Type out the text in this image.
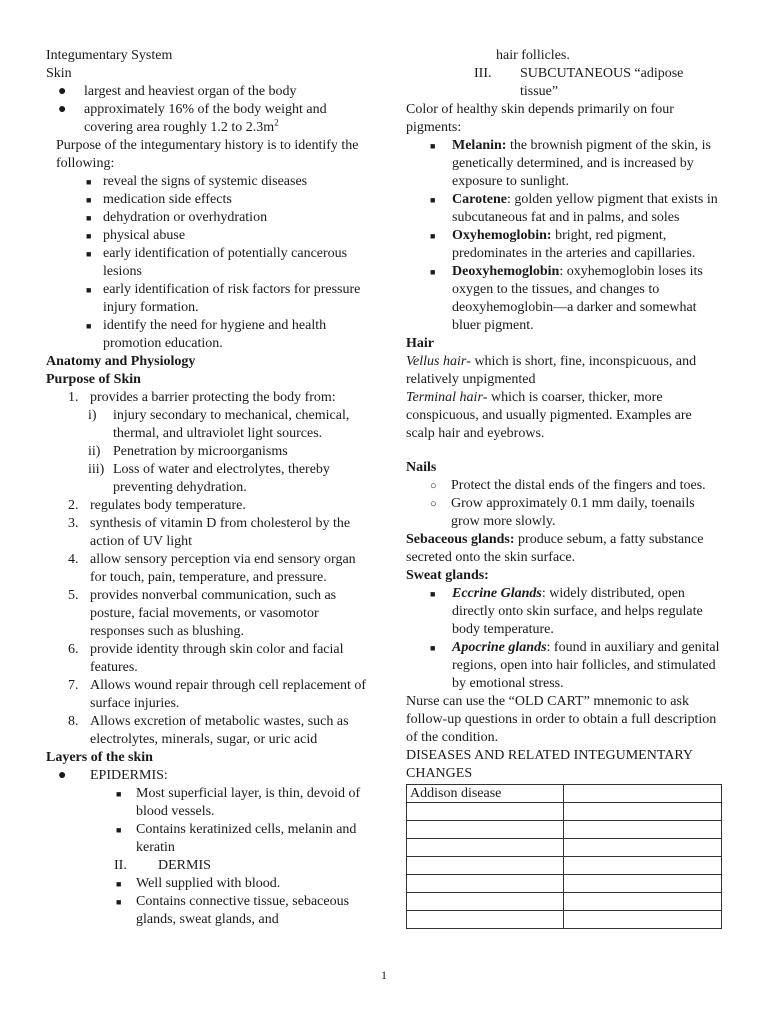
Integumentary System

Skin

● largest and heaviest organ of the body
● approximately 16% of the body weight and covering area roughly 1.2 to $2.3m^2$

Purpose of the integumentary history is to identify the following:

■ reveal the signs of systemic diseases
■ medication side effects
■ dehydration or overhydration
■ physical abuse
■ early identification of potentially cancerous lesions
■ early identification of risk factors for pressure injury formation.
■ identify the need for hygiene and health promotion education.

Anatomy and Physiology

Purpose of Skin

1. provides a barrier protecting the body from:
i) injury secondary to mechanical, chemical, thermal, and ultraviolet light sources.
ii) Penetration by microorganisms
iii) Loss of water and electrolytes, thereby preventing dehydration.
2. regulates body temperature.
3. synthesis of vitamin D from cholesterol by the action of UV light
4. allow sensory perception via end sensory organ for touch, pain, temperature, and pressure.
5. provides nonverbal communication, such as posture, facial movements, or vasomotor responses such as blushing.
6. provide identity through skin color and facial features.
7. Allows wound repair through cell replacement of surface injuries.
8. Allows excretion of metabolic wastes, such as electrolytes, minerals, sugar, or uric acid

Layers of the skin

● EPIDERMIS:
■ Most superficial layer, is thin, devoid of blood vessels.
■ Contains keratinized cells, melanin and keratin
II. DERMIS
■ Well supplied with blood.
■ Contains connective tissue, sebaceous glands, sweat glands, and

hair follicles.

III. SUBCUTANEOUS “adipose tissue”

Color of healthy skin depends primarily on four pigments:

■ Melanin: the brownish pigment of the skin, is genetically determined, and is increased by exposure to sunlight.
■ Carotene: golden yellow pigment that exists in subcutaneous fat and in palms, and soles
■ Oxyhemoglobin: bright, red pigment, predominates in the arteries and capillaries.
■ Deoxyhemoglobin: oxyhemoglobin loses its oxygen to the tissues, and changes to deoxyhemoglobin—a darker and somewhat bluer pigment.

Hair

Vellus hair- which is short, fine, inconspicuous, and relatively unpigmented

Terminal hair- which is coarser, thicker, more conspicuous, and usually pigmented. Examples are scalp hair and eyebrows.

Nails

○ Protect the distal ends of the fingers and toes.
○ Grow approximately 0.1 mm daily, toenails grow more slowly.

Sebaceous glands: produce sebum, a fatty substance secreted onto the skin surface.

Sweat glands:

■ Eccrine Glands: widely distributed, open directly onto skin surface, and helps regulate body temperature.
■ Apocrine glands: found in auxiliary and genital regions, open into hair follicles, and stimulated by emotional stress.

Nurse can use the “OLD CART” mnemonic to ask follow-up questions in order to obtain a full description of the condition.

DISEASES AND RELATED INTEGUMENTARY CHANGES

Addison disease	

1
